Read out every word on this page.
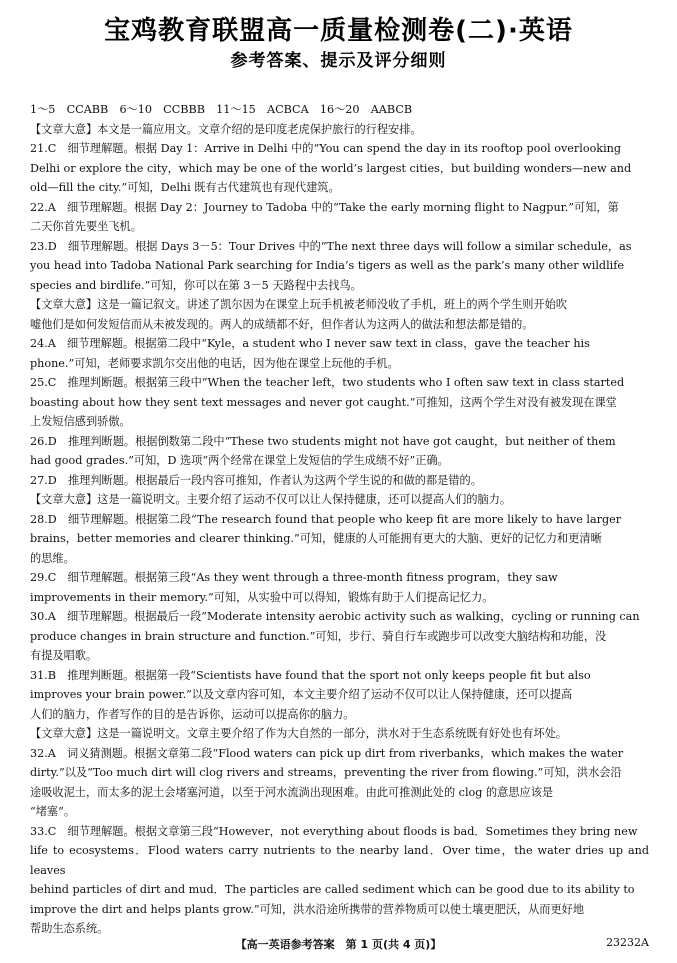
宝鸡教育联盟高一质量检测卷(二)·英语
参考答案、提示及评分细则
1～5　CCABB　6～10　CCBBB　11～15　ACBCA　16～20　AABCB
【文章大意】本文是一篇应用文。文章介绍的是印度老虎保护旅行的行程安排。
21.C　细节理解题。根据 Day 1：Arrive in Delhi 中的“You can spend the day in its rooftop pool overlooking
Delhi or explore the city，which may be one of the world’s largest cities，but building wonders—new and
old—fill the city.”可知，Delhi 既有古代建筑也有现代建筑。
22.A　细节理解题。根据 Day 2：Journey to Tadoba 中的“Take the early morning flight to Nagpur.”可知，第
二天你首先要坐飞机。
23.D　细节理解题。根据 Days 3－5：Tour Drives 中的“The next three days will follow a similar schedule，as
you head into Tadoba National Park searching for India’s tigers as well as the park’s many other wildlife
species and birdlife.”可知，你可以在第 3－5 天路程中去找鸟。
【文章大意】这是一篇记叙文。讲述了凯尔因为在课堂上玩手机被老师没收了手机，班上的两个学生则开始吹
嘘他们是如何发短信而从未被发现的。两人的成绩都不好，但作者认为这两人的做法和想法都是错的。
24.A　细节理解题。根据第二段中“Kyle，a student who I never saw text in class，gave the teacher his
phone.”可知，老师要求凯尔交出他的电话，因为他在课堂上玩他的手机。
25.C　推理判断题。根据第三段中“When the teacher left，two students who I often saw text in class started
boasting about how they sent text messages and never got caught.”可推知，这两个学生对没有被发现在课堂
上发短信感到骄傲。
26.D　推理判断题。根据倒数第二段中“These two students might not have got caught，but neither of them
had good grades.”可知，D 选项“两个经常在课堂上发短信的学生成绩不好”正确。
27.D　推理判断题。根据最后一段内容可推知，作者认为这两个学生说的和做的都是错的。
【文章大意】这是一篇说明文。主要介绍了运动不仅可以让人保持健康，还可以提高人们的脑力。
28.D　细节理解题。根据第二段“The research found that people who keep fit are more likely to have larger
brains，better memories and clearer thinking.”可知，健康的人可能拥有更大的大脑、更好的记忆力和更清晰
的思维。
29.C　细节理解题。根据第三段“As they went through a three-month fitness program，they saw
improvements in their memory.”可知，从实验中可以得知，锻炼有助于人们提高记忆力。
30.A　细节理解题。根据最后一段“Moderate intensity aerobic activity such as walking，cycling or running can
produce changes in brain structure and function.”可知，步行、骑自行车或跑步可以改变大脑结构和功能，没
有提及唱歌。
31.B　推理判断题。根据第一段“Scientists have found that the sport not only keeps people fit but also
improves your brain power.”以及文章内容可知，本文主要介绍了运动不仅可以让人保持健康，还可以提高
人们的脑力，作者写作的目的是告诉你，运动可以提高你的脑力。
【文章大意】这是一篇说明文。文章主要介绍了作为大自然的一部分，洪水对于生态系统既有好处也有坏处。
32.A　词义猜测题。根据文章第二段“Flood waters can pick up dirt from riverbanks，which makes the water
dirty.”以及“Too much dirt will clog rivers and streams，preventing the river from flowing.”可知，洪水会沿
途吸收泥土，而太多的泥土会堵塞河道，以至于河水流淌出现困难。由此可推测此处的 clog 的意思应该是
“堵塞”。
33.C　细节理解题。根据文章第三段“However，not everything about floods is bad．Sometimes they bring new
life to ecosystems．Flood waters carry nutrients to the nearby land．Over time，the water dries up and leaves
behind particles of dirt and mud．The particles are called sediment which can be good due to its ability to
improve the dirt and helps plants grow.”可知，洪水沿途所携带的营养物质可以使土壤更肥沃，从而更好地
帮助生态系统。
【高一英语参考答案　第 1 页(共 4 页)】	23232A
